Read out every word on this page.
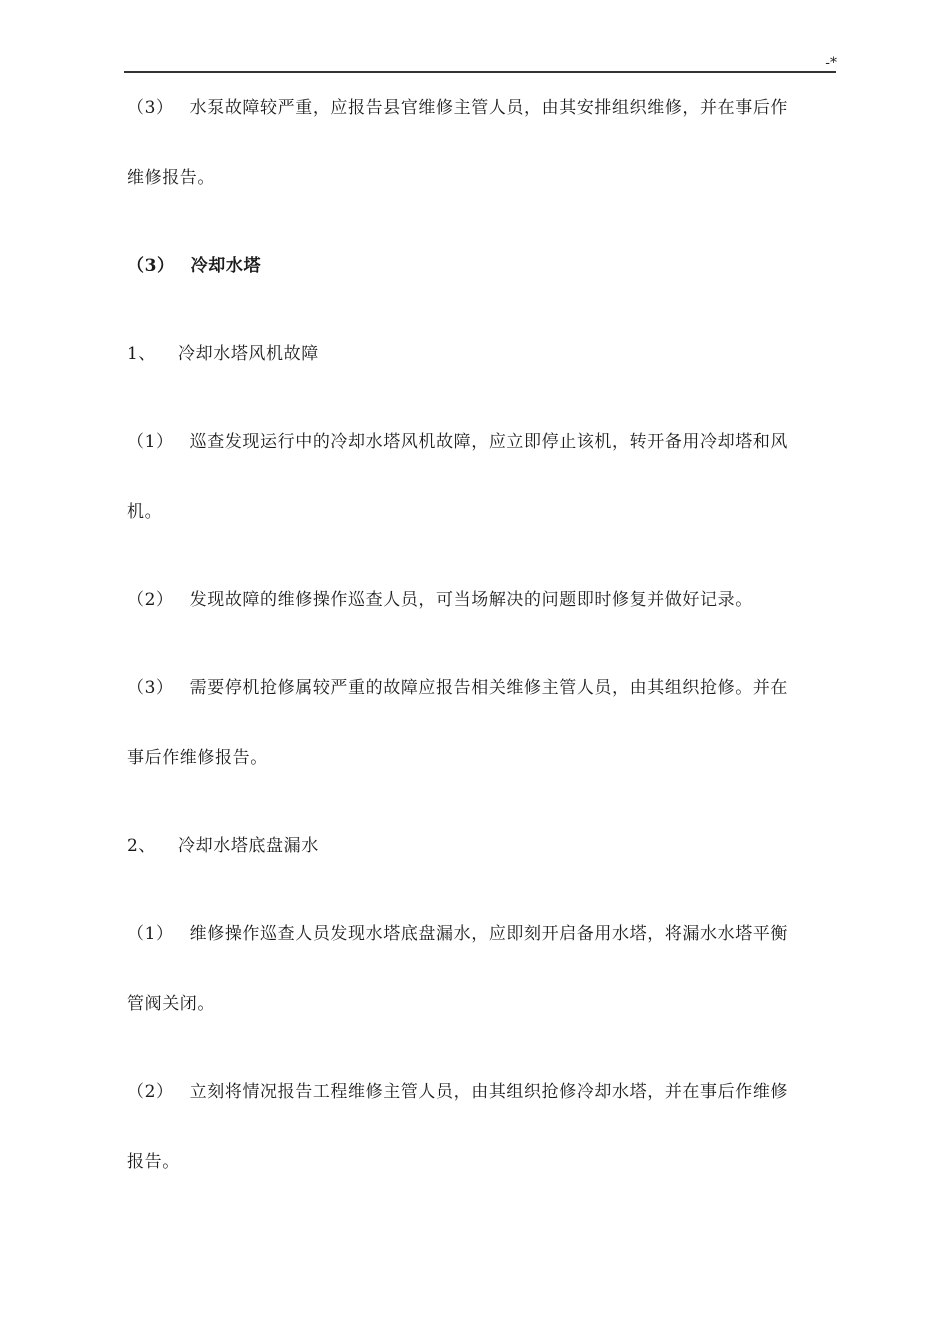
-*
（3） 水泵故障较严重，应报告县官维修主管人员，由其安排组织维修，并在事后作
维修报告。
（3） 冷却水塔
1、 冷却水塔风机故障
（1） 巡查发现运行中的冷却水塔风机故障，应立即停止该机，转开备用冷却塔和风
机。
（2） 发现故障的维修操作巡查人员，可当场解决的问题即时修复并做好记录。
（3） 需要停机抢修属较严重的故障应报告相关维修主管人员，由其组织抢修。并在
事后作维修报告。
2、 冷却水塔底盘漏水
（1） 维修操作巡查人员发现水塔底盘漏水，应即刻开启备用水塔，将漏水水塔平衡
管阀关闭。
（2） 立刻将情况报告工程维修主管人员，由其组织抢修冷却水塔，并在事后作维修
报告。
